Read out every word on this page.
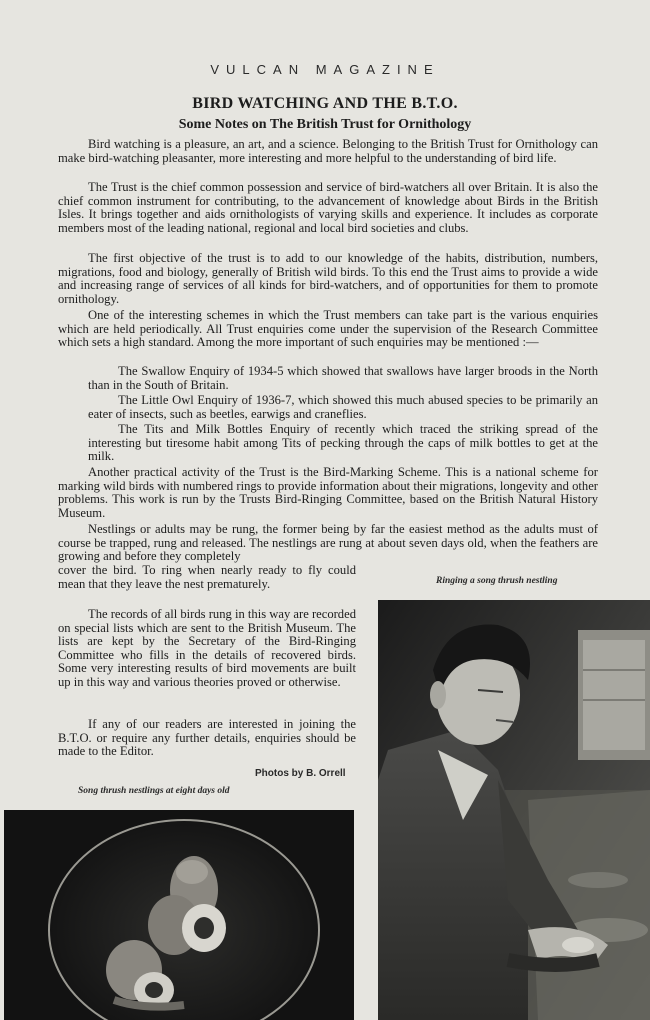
VULCAN MAGAZINE
BIRD WATCHING AND THE B.T.O.
Some Notes on The British Trust for Ornithology

Bird watching is a pleasure, an art, and a science. Belonging to the British Trust for Ornithology can make bird-watching pleasanter, more interesting and more helpful to the understanding of bird life.

The Trust is the chief common possession and service of bird-watchers all over Britain. It is also the chief common instrument for contributing, to the advancement of knowledge about Birds in the British Isles. It brings together and aids ornithologists of varying skills and experience. It includes as corporate members most of the leading national, regional and local bird societies and clubs.

The first objective of the trust is to add to our knowledge of the habits, distribution, numbers, migrations, food and biology, generally of British wild birds. To this end the Trust aims to provide a wide and increasing range of services of all kinds for bird-watchers, and of opportunities for them to promote ornithology.

One of the interesting schemes in which the Trust members can take part is the various enquiries which are held periodically. All Trust enquiries come under the supervision of the Research Committee which sets a high standard. Among the more important of such enquiries may be mentioned :—

The Swallow Enquiry of 1934-5 which showed that swallows have larger broods in the North than in the South of Britain.

The Little Owl Enquiry of 1936-7, which showed this much abused species to be primarily an eater of insects, such as beetles, earwigs and craneflies.

The Tits and Milk Bottles Enquiry of recently which traced the striking spread of the interesting but tiresome habit among Tits of pecking through the caps of milk bottles to get at the milk.

Another practical activity of the Trust is the Bird-Marking Scheme. This is a national scheme for marking wild birds with numbered rings to provide information about their migrations, longevity and other problems. This work is run by the Trusts Bird-Ringing Committee, based on the British Natural History Museum.

Nestlings or adults may be rung, the former being by far the easiest method as the adults must of course be trapped, rung and released. The nestlings are rung at about seven days old, when the feathers are growing and before they completely

cover the bird. To ring when nearly ready to fly could mean that they leave the nest prematurely.	Ringing a song thrush nestling

The records of all birds rung in this way are recorded on special lists which are sent to the British Museum. The lists are kept by the Secretary of the Bird-Ringing Committee who fills in the details of recovered birds. Some very interesting results of bird movements are built up in this way and various theories proved or otherwise.

If any of our readers are interested in joining the B.T.O. or require any further details, enquiries should be made to the Editor.

Photos by B. Orrell
Song thrush nestlings at eight days old
